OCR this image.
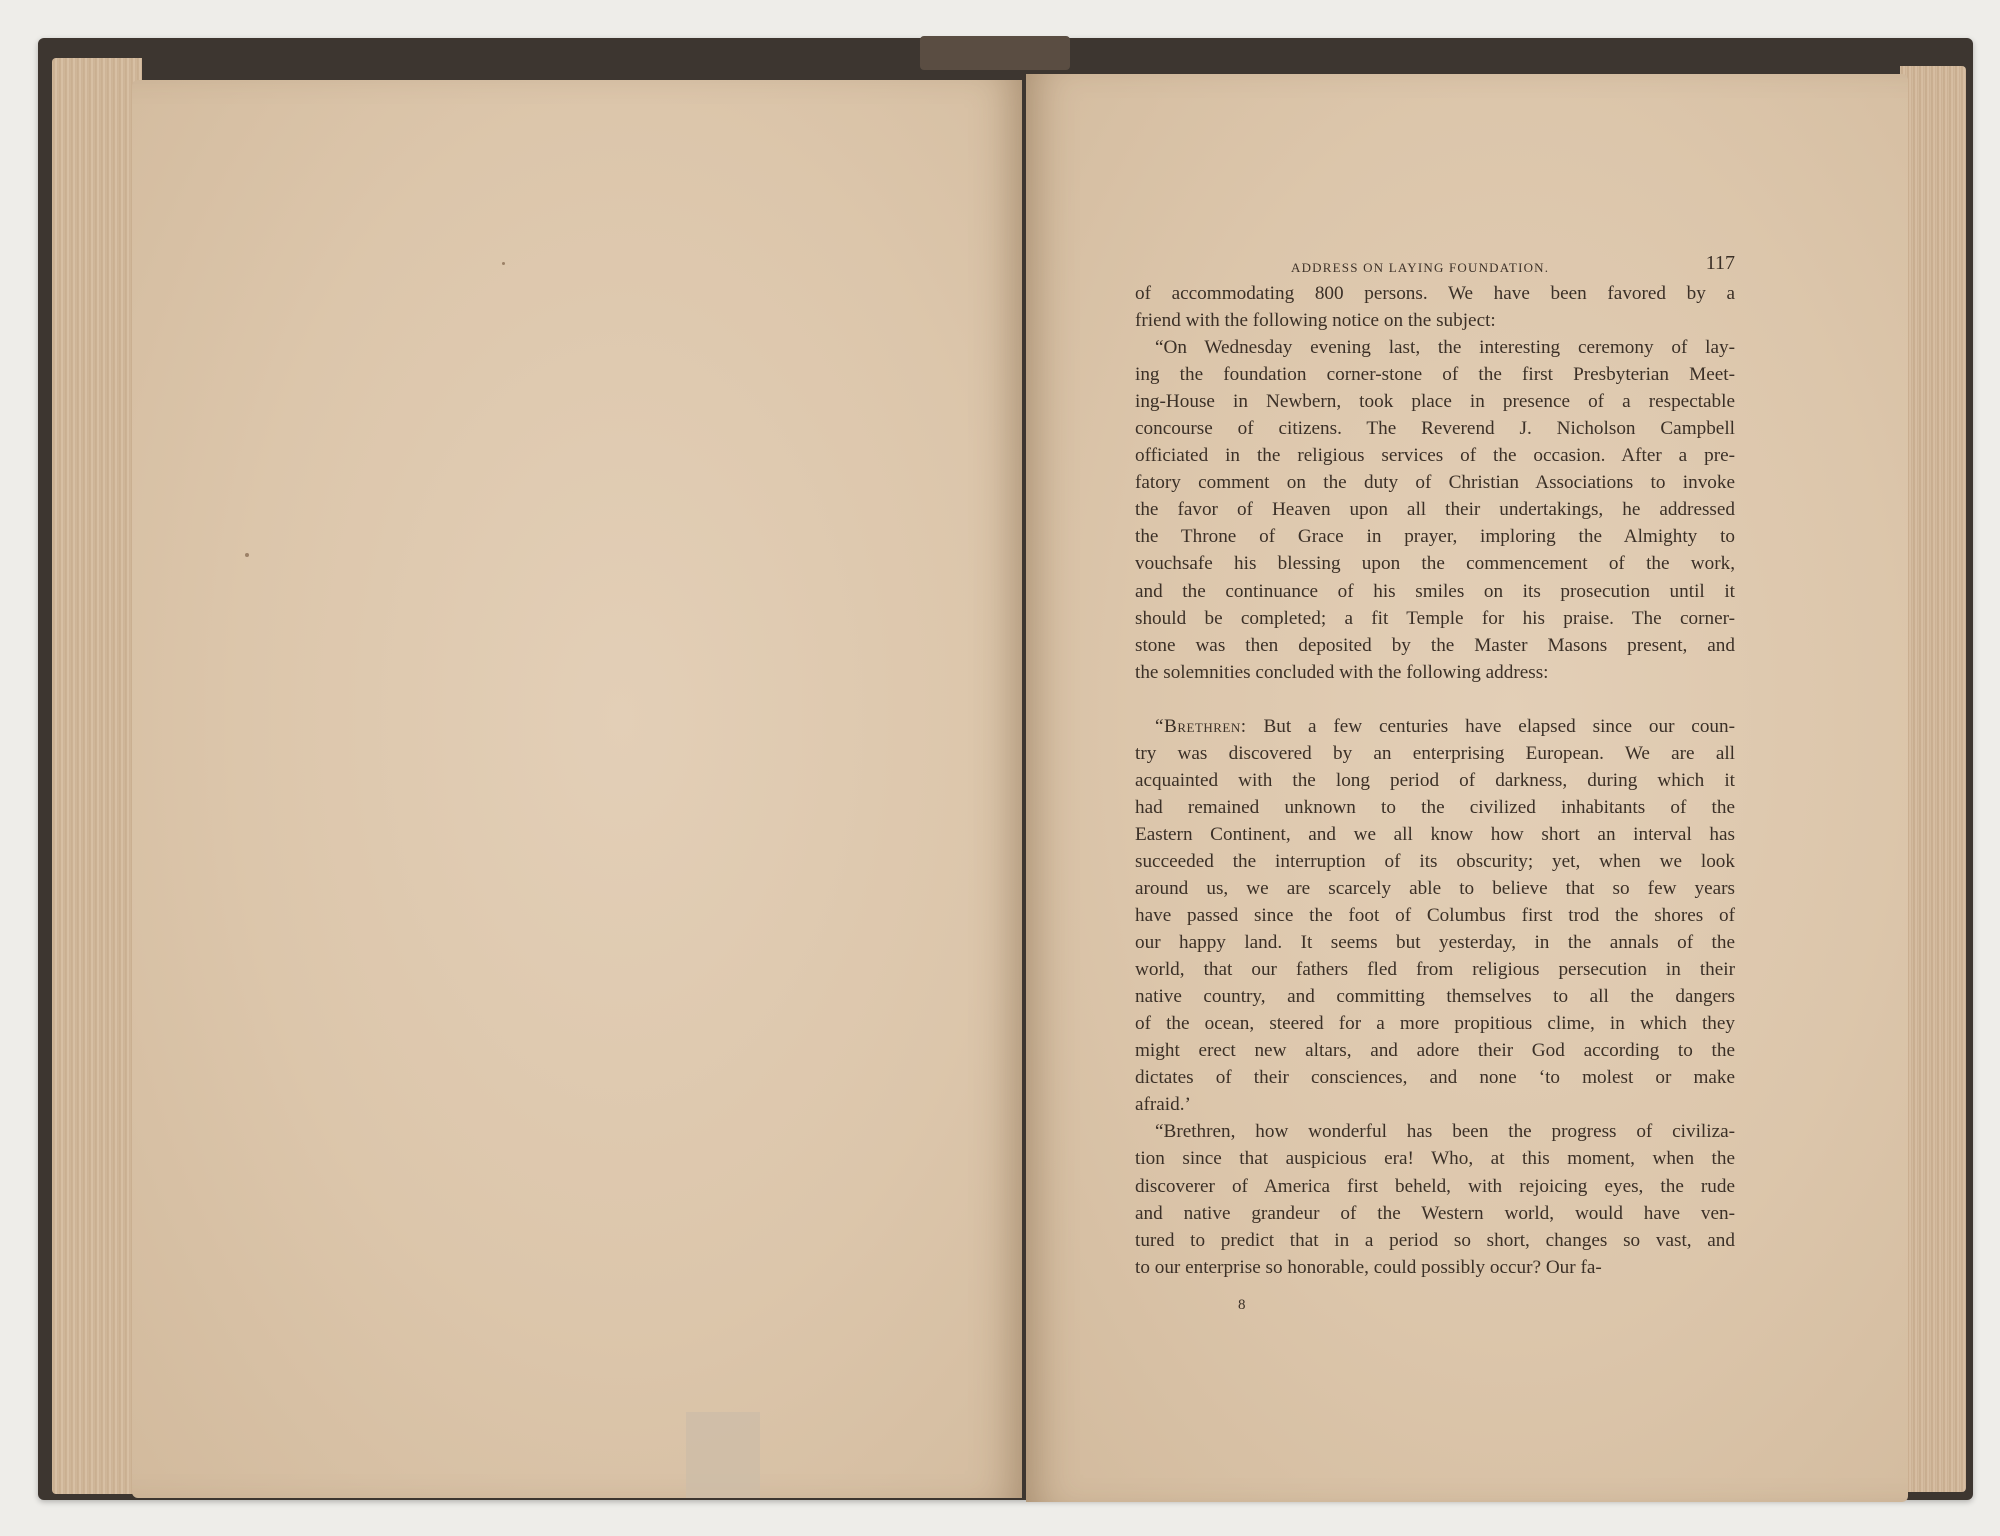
ADDRESS ON LAYING FOUNDATION.	117
of accommodating 800 persons. We have been favored by a
friend with the following notice on the subject:
“On Wednesday evening last, the interesting ceremony of lay-
ing the foundation corner-stone of the first Presbyterian Meet-
ing-House in Newbern, took place in presence of a respectable
concourse of citizens. The Reverend J. Nicholson Campbell
officiated in the religious services of the occasion. After a pre-
fatory comment on the duty of Christian Associations to invoke
the favor of Heaven upon all their undertakings, he addressed
the Throne of Grace in prayer, imploring the Almighty to
vouchsafe his blessing upon the commencement of the work,
and the continuance of his smiles on its prosecution until it
should be completed; a fit Temple for his praise. The corner-
stone was then deposited by the Master Masons present, and
the solemnities concluded with the following address:
“Brethren: But a few centuries have elapsed since our coun-
try was discovered by an enterprising European. We are all
acquainted with the long period of darkness, during which it
had remained unknown to the civilized inhabitants of the
Eastern Continent, and we all know how short an interval has
succeeded the interruption of its obscurity; yet, when we look
around us, we are scarcely able to believe that so few years
have passed since the foot of Columbus first trod the shores of
our happy land. It seems but yesterday, in the annals of the
world, that our fathers fled from religious persecution in their
native country, and committing themselves to all the dangers
of the ocean, steered for a more propitious clime, in which they
might erect new altars, and adore their God according to the
dictates of their consciences, and none ‘to molest or make
afraid.’
“Brethren, how wonderful has been the progress of civiliza-
tion since that auspicious era! Who, at this moment, when the
discoverer of America first beheld, with rejoicing eyes, the rude
and native grandeur of the Western world, would have ven-
tured to predict that in a period so short, changes so vast, and
to our enterprise so honorable, could possibly occur? Our fa-
8
